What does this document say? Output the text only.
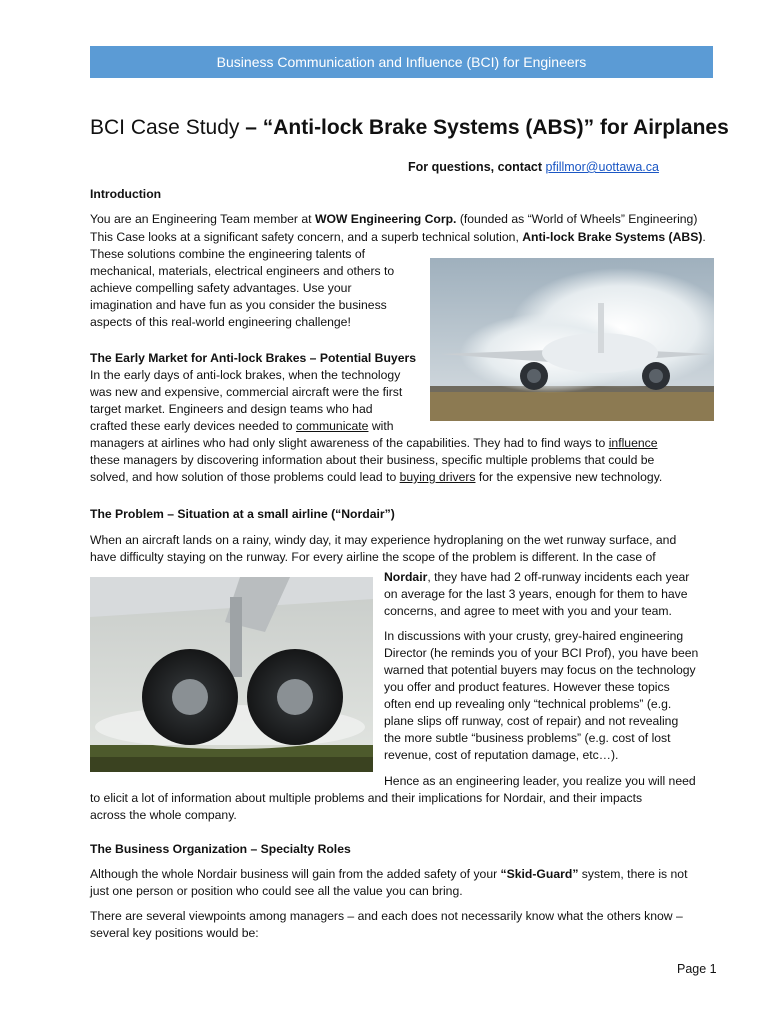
Business Communication and Influence (BCI) for Engineers
BCI Case Study – “Anti-lock Brake Systems (ABS)” for Airplanes
For questions, contact pfillmor@uottawa.ca

Introduction

You are an Engineering Team member at WOW Engineering Corp. (founded as “World of Wheels” Engineering)

This Case looks at a significant safety concern, and a superb technical solution, Anti-lock Brake Systems (ABS).

These solutions combine the engineering talents of

mechanical, materials, electrical engineers and others to

achieve compelling safety advantages. Use your

imagination and have fun as you consider the business

aspects of this real-world engineering challenge!

The Early Market for Anti-lock Brakes – Potential Buyers

In the early days of anti-lock brakes, when the technology

was new and expensive, commercial aircraft were the first

target market. Engineers and design teams who had

crafted these early devices needed to communicate with

managers at airlines who had only slight awareness of the capabilities. They had to find ways to influence

these managers by discovering information about their business, specific multiple problems that could be

solved, and how solution of those problems could lead to buying drivers for the expensive new technology.

The Problem – Situation at a small airline (“Nordair”)

When an aircraft lands on a rainy, windy day, it may experience hydroplaning on the wet runway surface, and

have difficulty staying on the runway. For every airline the scope of the problem is different. In the case of

Nordair, they have had 2 off-runway incidents each year

on average for the last 3 years, enough for them to have

concerns, and agree to meet with you and your team.

In discussions with your crusty, grey-haired engineering

Director (he reminds you of your BCI Prof), you have been

warned that potential buyers may focus on the technology

you offer and product features. However these topics

often end up revealing only “technical problems” (e.g.

plane slips off runway, cost of repair) and not revealing

the more subtle “business problems” (e.g. cost of lost

revenue, cost of reputation damage, etc…).

Hence as an engineering leader, you realize you will need

to elicit a lot of information about multiple problems and their implications for Nordair, and their impacts

across the whole company.

The Business Organization – Specialty Roles

Although the whole Nordair business will gain from the added safety of your “Skid-Guard” system, there is not

just one person or position who could see all the value you can bring.

There are several viewpoints among managers – and each does not necessarily know what the others know –

several key positions would be:

Page 1
